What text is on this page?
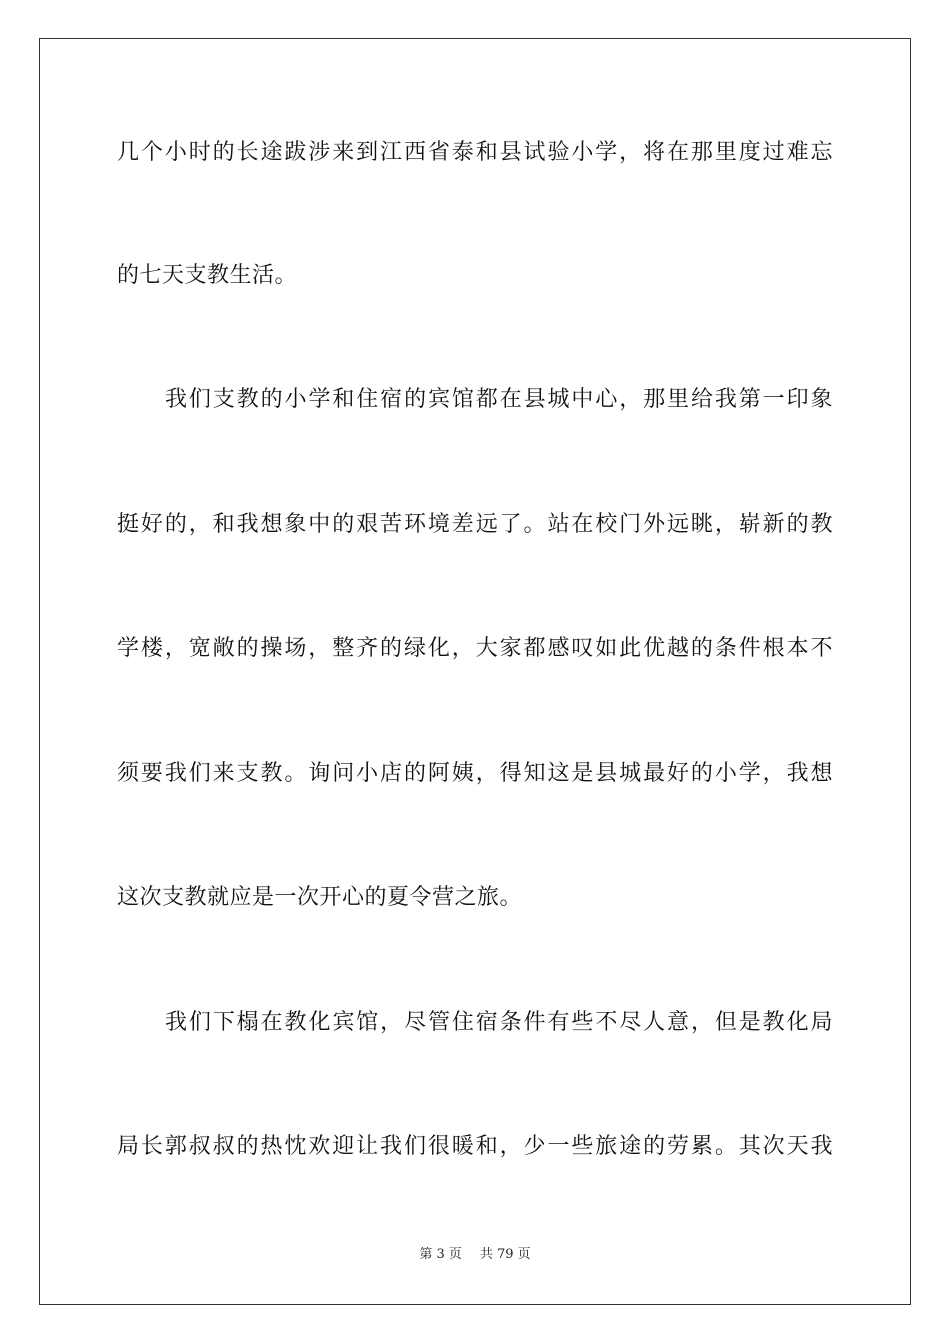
几个小时的长途跋涉来到江西省泰和县试验小学，将在那里度过难忘
的七天支教生活。
我们支教的小学和住宿的宾馆都在县城中心，那里给我第一印象
挺好的，和我想象中的艰苦环境差远了。站在校门外远眺，崭新的教
学楼，宽敞的操场，整齐的绿化，大家都感叹如此优越的条件根本不
须要我们来支教。询问小店的阿姨，得知这是县城最好的小学，我想
这次支教就应是一次开心的夏令营之旅。
我们下榻在教化宾馆，尽管住宿条件有些不尽人意，但是教化局
局长郭叔叔的热忱欢迎让我们很暖和，少一些旅途的劳累。其次天我
第 3 页 共 79 页
